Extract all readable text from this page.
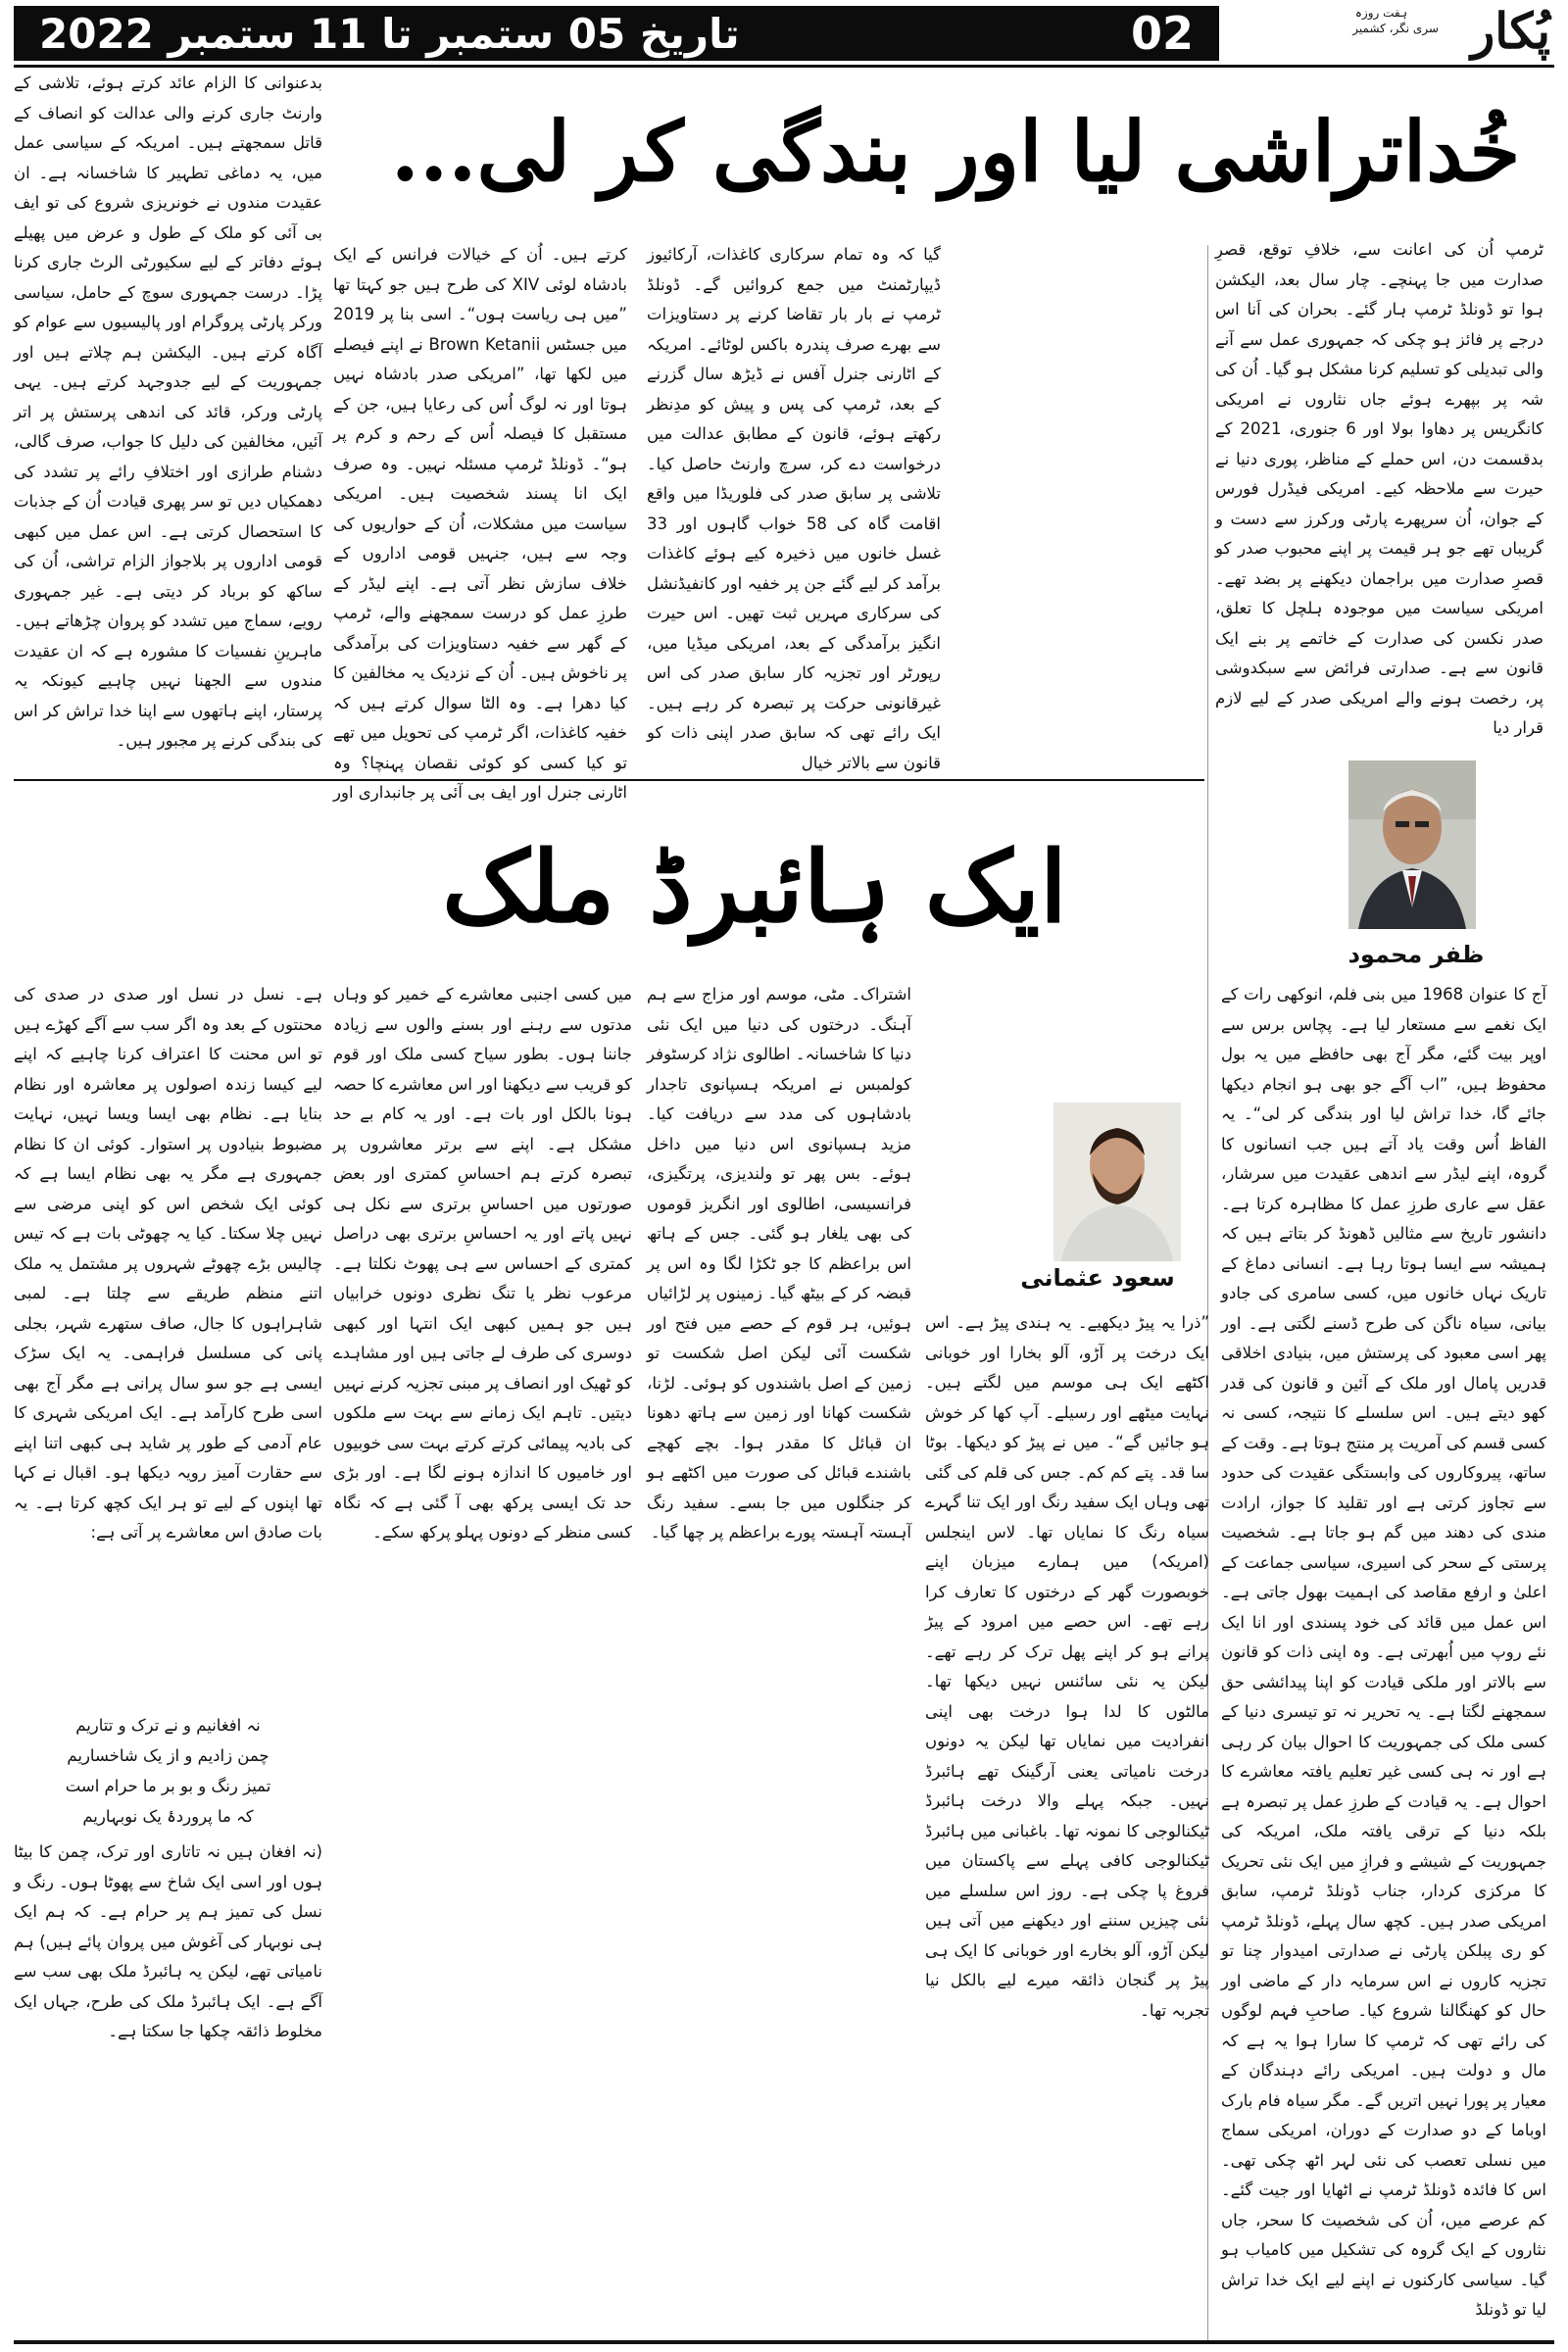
02
تاریخ 05 ستمبر تا 11 ستمبر 2022	پُکار
ہفت روزہ
سری نگر، کشمیر
خُداتراشی لیا اور بندگی کر لی...

ٹرمپ اُن کی اعانت سے، خلافِ توقع، قصرِ صدارت میں جا پہنچے۔ چار سال بعد، الیکشن ہوا تو ڈونلڈ ٹرمپ ہار گئے۔ بحران کی اَنا اس درجے پر فائز ہو چکی کہ جمہوری عمل سے آنے والی تبدیلی کو تسلیم کرنا مشکل ہو گیا۔ اُن کی شہ پر بپھرے ہوئے جاں نثاروں نے امریکی کانگریس پر دھاوا بولا اور 6 جنوری، 2021 کے بدقسمت دن، اس حملے کے مناظر، پوری دنیا نے حیرت سے ملاحظہ کیے۔ امریکی فیڈرل فورس کے جوان، اُن سرپھرے پارٹی ورکرز سے دست و گریباں تھے جو ہر قیمت پر اپنے محبوب صدر کو قصرِ صدارت میں براجمان دیکھنے پر بضد تھے۔ امریکی سیاست میں موجودہ ہلچل کا تعلق، صدر نکسن کی صدارت کے خاتمے پر بنے ایک قانون سے ہے۔ صدارتی فرائض سے سبکدوشی پر، رخصت ہونے والے امریکی صدر کے لیے لازم قرار دیا

گیا کہ وہ تمام سرکاری کاغذات، آرکائیوز ڈیپارٹمنٹ میں جمع کروائیں گے۔ ڈونلڈ ٹرمپ نے بار بار تقاضا کرنے پر دستاویزات سے بھرے صرف پندرہ باکس لوٹائے۔ امریکہ کے اٹارنی جنرل آفس نے ڈیڑھ سال گزرنے کے بعد، ٹرمپ کی پس و پیش کو مدِنظر رکھتے ہوئے، قانون کے مطابق عدالت میں درخواست دے کر، سرچ وارنٹ حاصل کیا۔ تلاشی پر سابق صدر کی فلوریڈا میں واقع اقامت گاہ کی 58 خواب گاہوں اور 33 غسل خانوں میں ذخیرہ کیے ہوئے کاغذات برآمد کر لیے گئے جن پر خفیہ اور کانفیڈنشل کی سرکاری مہریں ثبت تھیں۔ اس حیرت انگیز برآمدگی کے بعد، امریکی میڈیا میں، رپورٹر اور تجزیہ کار سابق صدر کی اس غیرقانونی حرکت پر تبصرہ کر رہے ہیں۔ ایک رائے تھی کہ سابق صدر اپنی ذات کو قانون سے بالاتر خیال

کرتے ہیں۔ اُن کے خیالات فرانس کے ایک بادشاہ لوئی XIV کی طرح ہیں جو کہتا تھا ”میں ہی ریاست ہوں“۔ اسی بنا پر 2019 میں جسٹس Brown Ketanii نے اپنے فیصلے میں لکھا تھا، ”امریکی صدر بادشاہ نہیں ہوتا اور نہ لوگ اُس کی رعایا ہیں، جن کے مستقبل کا فیصلہ اُس کے رحم و کرم پر ہو“۔ ڈونلڈ ٹرمپ مسئلہ نہیں۔ وہ صرف ایک انا پسند شخصیت ہیں۔ امریکی سیاست میں مشکلات، اُن کے حواریوں کی وجہ سے ہیں، جنہیں قومی اداروں کے خلاف سازش نظر آتی ہے۔ اپنے لیڈر کے طرزِ عمل کو درست سمجھنے والے، ٹرمپ کے گھر سے خفیہ دستاویزات کی برآمدگی پر ناخوش ہیں۔ اُن کے نزدیک یہ مخالفین کا کیا دھرا ہے۔ وہ الٹا سوال کرتے ہیں کہ خفیہ کاغذات، اگر ٹرمپ کی تحویل میں تھے تو کیا کسی کو کوئی نقصان پہنچا؟ وہ اٹارنی جنرل اور ایف بی آئی پر جانبداری اور

بدعنوانی کا الزام عائد کرتے ہوئے، تلاشی کے وارنٹ جاری کرنے والی عدالت کو انصاف کے قاتل سمجھتے ہیں۔ امریکہ کے سیاسی عمل میں، یہ دماغی تطہیر کا شاخسانہ ہے۔ ان عقیدت مندوں نے خونریزی شروع کی تو ایف بی آئی کو ملک کے طول و عرض میں پھیلے ہوئے دفاتر کے لیے سکیورٹی الرٹ جاری کرنا پڑا۔ درست جمہوری سوچ کے حامل، سیاسی ورکر پارٹی پروگرام اور پالیسیوں سے عوام کو آگاہ کرتے ہیں۔ الیکشن ہم چلاتے ہیں اور جمہوریت کے لیے جدوجہد کرتے ہیں۔ یہی پارٹی ورکر، قائد کی اندھی پرستش پر اتر آئیں، مخالفین کی دلیل کا جواب، صرف گالی، دشنام طرازی اور اختلافِ رائے پر تشدد کی دھمکیاں دیں تو سر پھری قیادت اُن کے جذبات کا استحصال کرتی ہے۔ اس عمل میں کبھی قومی اداروں پر بلاجواز الزام تراشی، اُن کی ساکھ کو برباد کر دیتی ہے۔ غیر جمہوری رویے، سماج میں تشدد کو پروان چڑھاتے ہیں۔ ماہرینِ نفسیات کا مشورہ ہے کہ ان عقیدت مندوں سے الجھنا نہیں چاہیے کیونکہ یہ پرستار، اپنے ہاتھوں سے اپنا خدا تراش کر اس کی بندگی کرنے پر مجبور ہیں۔

ظفر محمود

آج کا عنوان 1968 میں بنی فلم، انوکھی رات کے ایک نغمے سے مستعار لیا ہے۔ پچاس برس سے اوپر بیت گئے، مگر آج بھی حافظے میں یہ بول محفوظ ہیں، ”اب آگے جو بھی ہو انجام دیکھا جائے گا، خدا تراش لیا اور بندگی کر لی“۔ یہ الفاظ اُس وقت یاد آتے ہیں جب انسانوں کا گروہ، اپنے لیڈر سے اندھی عقیدت میں سرشار، عقل سے عاری طرزِ عمل کا مظاہرہ کرتا ہے۔ دانشور تاریخ سے مثالیں ڈھونڈ کر بتاتے ہیں کہ ہمیشہ سے ایسا ہوتا رہا ہے۔ انسانی دماغ کے تاریک نہاں خانوں میں، کسی سامری کی جادو بیانی، سیاہ ناگن کی طرح ڈسنے لگتی ہے۔ اور پھر اسی معبود کی پرستش میں، بنیادی اخلاقی قدریں پامال اور ملک کے آئین و قانون کی قدر کھو دیتے ہیں۔ اس سلسلے کا نتیجہ، کسی نہ کسی قسم کی آمریت پر منتج ہوتا ہے۔ وقت کے ساتھ، پیروکاروں کی وابستگی عقیدت کی حدود سے تجاوز کرتی ہے اور تقلید کا جواز، ارادت مندی کی دھند میں گم ہو جاتا ہے۔ شخصیت پرستی کے سحر کی اسیری، سیاسی جماعت کے اعلیٰ و ارفع مقاصد کی اہمیت بھول جاتی ہے۔ اس عمل میں قائد کی خود پسندی اور انا ایک نئے روپ میں اُبھرتی ہے۔ وہ اپنی ذات کو قانون سے بالاتر اور ملکی قیادت کو اپنا پیدائشی حق سمجھنے لگتا ہے۔ یہ تحریر نہ تو تیسری دنیا کے کسی ملک کی جمہوریت کا احوال بیان کر رہی ہے اور نہ ہی کسی غیر تعلیم یافتہ معاشرے کا احوال ہے۔ یہ قیادت کے طرزِ عمل پر تبصرہ ہے بلکہ دنیا کے ترقی یافتہ ملک، امریکہ کی جمہوریت کے شیشے و فرازِ میں ایک نئی تحریک کا مرکزی کردار، جناب ڈونلڈ ٹرمپ، سابق امریکی صدر ہیں۔ کچھ سال پہلے، ڈونلڈ ٹرمپ کو ری پبلکن پارٹی نے صدارتی امیدوار چنا تو تجزیہ کاروں نے اس سرمایہ دار کے ماضی اور حال کو کھنگالنا شروع کیا۔ صاحبِ فہم لوگوں کی رائے تھی کہ ٹرمپ کا سارا ہوا یہ ہے کہ مال و دولت ہیں۔ امریکی رائے دہندگان کے معیار پر پورا نہیں اتریں گے۔ مگر سیاہ فام بارک اوباما کے دو صدارت کے دوران، امریکی سماج میں نسلی تعصب کی نئی لہر اٹھ چکی تھی۔ اس کا فائدہ ڈونلڈ ٹرمپ نے اٹھایا اور جیت گئے۔ کم عرصے میں، اُن کی شخصیت کا سحر، جاں نثاروں کے ایک گروہ کی تشکیل میں کامیاب ہو گیا۔ سیاسی کارکنوں نے اپنے لیے ایک خدا تراش لیا تو ڈونلڈ

ایک ہائبرڈ ملک
سعود عثمانی

”ذرا یہ پیڑ دیکھیے۔ یہ ہندی پیڑ ہے۔ اس ایک درخت پر آڑو، آلو بخارا اور خوبانی اکٹھے ایک ہی موسم میں لگتے ہیں۔ نہایت میٹھے اور رسیلے۔ آپ کھا کر خوش ہو جائیں گے“۔ میں نے پیڑ کو دیکھا۔ بوٹا سا قد۔ پتے کم کم۔ جس کی قلم کی گئی تھی وہاں ایک سفید رنگ اور ایک تنا گہرے سیاہ رنگ کا نمایاں تھا۔ لاس اینجلس (امریکہ) میں ہمارے میزبان اپنے خوبصورت گھر کے درختوں کا تعارف کرا رہے تھے۔ اس حصے میں امرود کے پیڑ پرانے ہو کر اپنے پھل ترک کر رہے تھے۔ لیکن یہ نئی سائنس نہیں دیکھا تھا۔ مالٹوں کا لدا ہوا درخت بھی اپنی انفرادیت میں نمایاں تھا لیکن یہ دونوں درخت نامیاتی یعنی آرگینک تھے ہائبرڈ نہیں۔ جبکہ پہلے والا درخت ہائبرڈ ٹیکنالوجی کا نمونہ تھا۔ باغبانی میں ہائبرڈ ٹیکنالوجی کافی پہلے سے پاکستان میں فروغ پا چکی ہے۔ روز اس سلسلے میں نئی چیزیں سننے اور دیکھنے میں آتی ہیں لیکن آڑو، آلو بخارے اور خوبانی کا ایک ہی پیڑ پر گنجان ذائقہ میرے لیے بالکل نیا تجربہ تھا۔

اشتراک۔ مٹی، موسم اور مزاج سے ہم آہنگ۔ درختوں کی دنیا میں ایک نئی دنیا کا شاخسانہ۔ اطالوی نژاد کرسٹوفر کولمبس نے امریکہ ہسپانوی تاجدار بادشاہوں کی مدد سے دریافت کیا۔ مزید ہسپانوی اس دنیا میں داخل ہوئے۔ بس پھر تو ولندیزی، پرتگیزی، فرانسیسی، اطالوی اور انگریز قوموں کی بھی یلغار ہو گئی۔ جس کے ہاتھ اس براعظم کا جو ٹکڑا لگا وہ اس پر قبضہ کر کے بیٹھ گیا۔ زمینوں پر لڑائیاں ہوئیں، ہر قوم کے حصے میں فتح اور شکست آئی لیکن اصل شکست تو زمین کے اصل باشندوں کو ہوئی۔ لڑنا، شکست کھانا اور زمین سے ہاتھ دھونا ان قبائل کا مقدر ہوا۔ بچے کھچے باشندے قبائل کی صورت میں اکٹھے ہو کر جنگلوں میں جا بسے۔ سفید رنگ آہستہ آہستہ پورے براعظم پر چھا گیا۔

میں کسی اجنبی معاشرے کے خمیر کو وہاں مدتوں سے رہنے اور بسنے والوں سے زیادہ جاننا ہوں۔ بطور سیاح کسی ملک اور قوم کو قریب سے دیکھنا اور اس معاشرے کا حصہ ہونا بالکل اور بات ہے۔ اور یہ کام بے حد مشکل ہے۔ اپنے سے برتر معاشروں پر تبصرہ کرتے ہم احساسِ کمتری اور بعض صورتوں میں احساسِ برتری سے نکل ہی نہیں پاتے اور یہ احساسِ برتری بھی دراصل کمتری کے احساس سے ہی پھوٹ نکلتا ہے۔ مرعوب نظر یا تنگ نظری دونوں خرابیاں ہیں جو ہمیں کبھی ایک انتہا اور کبھی دوسری کی طرف لے جاتی ہیں اور مشاہدے کو ٹھیک اور انصاف پر مبنی تجزیہ کرنے نہیں دیتیں۔ تاہم ایک زمانے سے بہت سے ملکوں کی بادیہ پیمائی کرتے کرتے بہت سی خوبیوں اور خامیوں کا اندازہ ہونے لگا ہے۔ اور بڑی حد تک ایسی پرکھ بھی آ گئی ہے کہ نگاہ کسی منظر کے دونوں پہلو پرکھ سکے۔

ہے۔ نسل در نسل اور صدی در صدی کی محنتوں کے بعد وہ اگر سب سے آگے کھڑے ہیں تو اس محنت کا اعتراف کرنا چاہیے کہ اپنے لیے کیسا زندہ اصولوں پر معاشرہ اور نظام بنایا ہے۔ نظام بھی ایسا ویسا نہیں، نہایت مضبوط بنیادوں پر استوار۔ کوئی ان کا نظام جمہوری ہے مگر یہ بھی نظام ایسا ہے کہ کوئی ایک شخص اس کو اپنی مرضی سے نہیں چلا سکتا۔ کیا یہ چھوٹی بات ہے کہ تیس چالیس بڑے چھوٹے شہروں پر مشتمل یہ ملک اتنے منظم طریقے سے چلتا ہے۔ لمبی شاہراہوں کا جال، صاف ستھرے شہر، بجلی پانی کی مسلسل فراہمی۔ یہ ایک سڑک ایسی ہے جو سو سال پرانی ہے مگر آج بھی اسی طرح کارآمد ہے۔ ایک امریکی شہری کا عام آدمی کے طور پر شاید ہی کبھی اتنا اپنے سے حقارت آمیز رویہ دیکھا ہو۔ اقبال نے کہا تھا اپنوں کے لیے تو ہر ایک کچھ کرتا ہے۔ یہ بات صادق اس معاشرے پر آتی ہے:

نہ افغانیم و نے ترک و تتاریم
چمن زادیم و از یک شاخساریم
تمیز رنگ و بو بر ما حرام است
کہ ما پروردۂ یک نوبہاریم

(نہ افغان ہیں نہ تاتاری اور ترک، چمن کا بیٹا ہوں اور اسی ایک شاخ سے پھوٹا ہوں۔ رنگ و نسل کی تمیز ہم پر حرام ہے۔ کہ ہم ایک ہی نوبہار کی آغوش میں پروان پائے ہیں) ہم نامیاتی تھے، لیکن یہ ہائبرڈ ملک بھی سب سے آگے ہے۔ ایک ہائبرڈ ملک کی طرح، جہاں ایک مخلوط ذائقہ چکھا جا سکتا ہے۔
